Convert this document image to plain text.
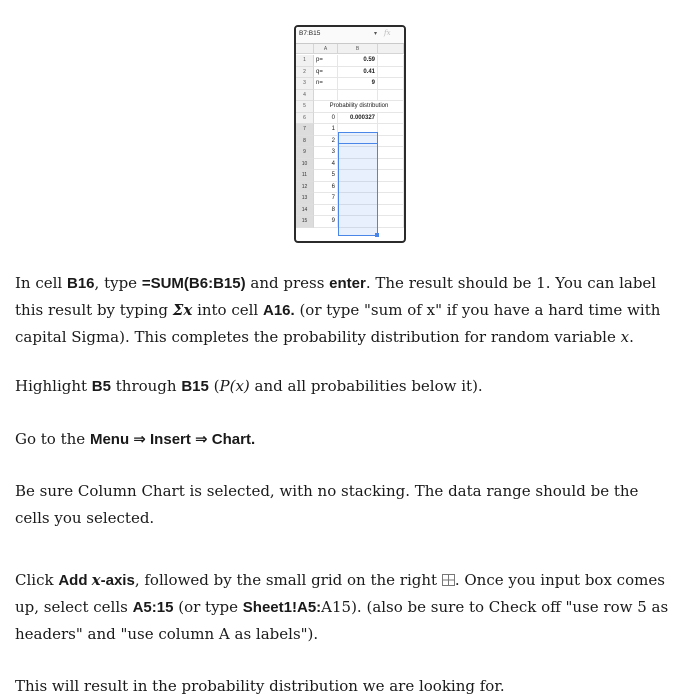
B7:B15	▾ fx
A	B
1	p=	0.59
2	q=	0.41
3	n=	9
4
5	Probability distribution
6	0	0.000327
7	1
8	2
9	3
10	4
11	5
12	6
13	7
14	8
15	9

In cell B16, type =SUM(B6:B15) and press enter. The result should be 1. You can label this result by typing Σx into cell A16. (or type "sum of x" if you have a hard time with capital Sigma). This completes the probability distribution for random variable x.

Highlight B5 through B15 (P(x) and all probabilities below it).

Go to the Menu ⇒ Insert ⇒ Chart.

Be sure Column Chart is selected, with no stacking. The data range should be the cells you selected.

Click Add x-axis, followed by the small grid on the right . Once you input box comes up, select cells A5:15 (or type Sheet1!A5:A15). (also be sure to Check off "use row 5 as headers" and "use column A as labels").

This will result in the probability distribution we are looking for.
